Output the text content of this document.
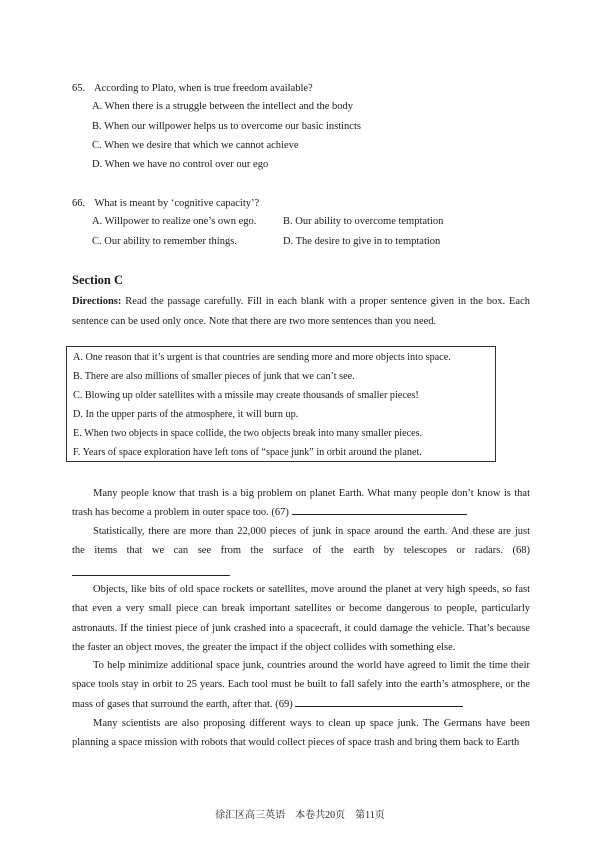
65. According to Plato, when is true freedom available?
A. When there is a struggle between the intellect and the body
B. When our willpower helps us to overcome our basic instincts
C. When we desire that which we cannot achieve
D. When we have no control over our ego
66. What is meant by ‘cognitive capacity’?
A. Willpower to realize one’s own ego.	B. Our ability to overcome temptation
C. Our ability to remember things.	D. The desire to give in to temptation
Section C
Directions: Read the passage carefully. Fill in each blank with a proper sentence given in the box. Each sentence can be used only once. Note that there are two more sentences than you need.
A. One reason that it’s urgent is that countries are sending more and more objects into space.
B. There are also millions of smaller pieces of junk that we can’t see.
C. Blowing up older satellites with a missile may create thousands of smaller pieces!
D. In the upper parts of the atmosphere, it will burn up.
E. When two objects in space collide, the two objects break into many smaller pieces.
F. Years of space exploration have left tons of “space junk” in orbit around the planet.
Many people know that trash is a big problem on planet Earth. What many people don’t know is that trash has become a problem in outer space too. (67)
Statistically, there are more than 22,000 pieces of junk in space around the earth. And these are just
the items that we can see from the surface of the earth by telescopes or radars. (68)
Objects, like bits of old space rockets or satellites, move around the planet at very high speeds, so fast that even a very small piece can break important satellites or become dangerous to people, particularly astronauts. If the tiniest piece of junk crashed into a spacecraft, it could damage the vehicle. That’s because the faster an object moves, the greater the impact if the object collides with something else.
To help minimize additional space junk, countries around the world have agreed to limit the time their space tools stay in orbit to 25 years. Each tool must be built to fall safely into the earth’s atmosphere, or the mass of gases that surround the earth, after that. (69)
Many scientists are also proposing different ways to clean up space junk. The Germans have been planning a space mission with robots that would collect pieces of space trash and bring them back to Earth
徐汇区高三英语　本卷共20页　第11页
